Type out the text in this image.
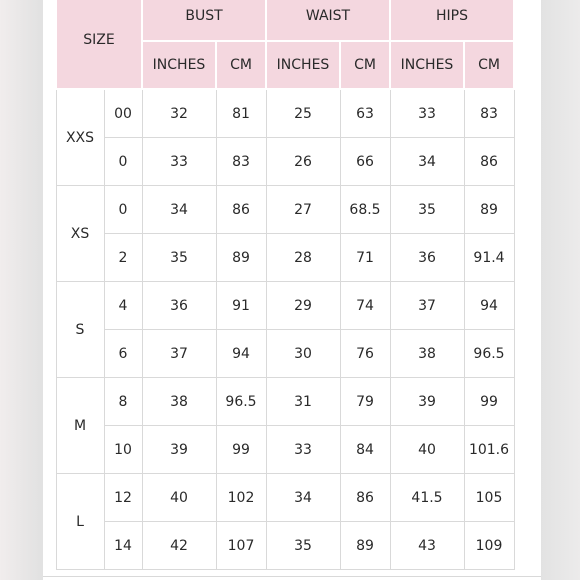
SIZE		BUST		WAIST		HIPS	
		INCHES	CM	INCHES	CM	INCHES	CM
XXS	00	32	81	25	63	33	83
	0	33	83	26	66	34	86
XS	0	34	86	27	68.5	35	89
	2	35	89	28	71	36	91.4
S	4	36	91	29	74	37	94
	6	37	94	30	76	38	96.5
M	8	38	96.5	31	79	39	99
	10	39	99	33	84	40	101.6
L	12	40	102	34	86	41.5	105
	14	42	107	35	89	43	109
